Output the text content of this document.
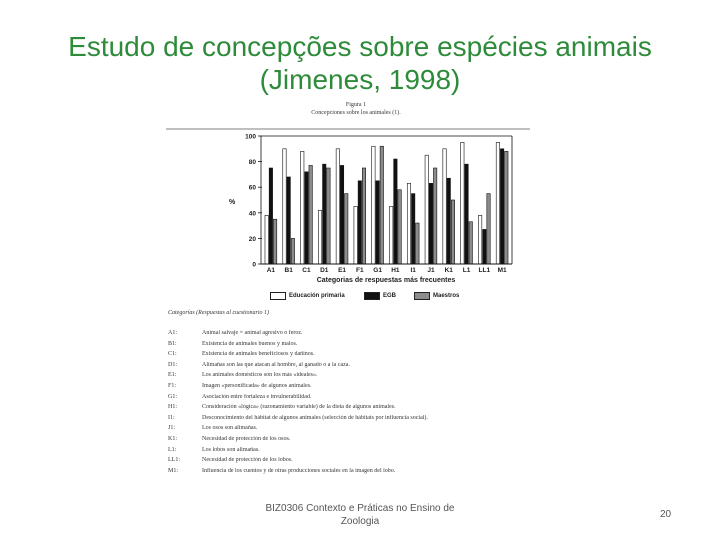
Estudo de concepções sobre espécies animais
(Jimenes, 1998)
Figura 1
Concepciones sobre los animales (1).
0
20
40
60
80
100
A1 B1 C1 D1 E1 F1 G1 H1 I1 J1 K1 L1 LL1 M1
%
Categorias de respuestas más frecuentes
Educación primaria	EGB	Maestros
Categorías (Respuestas al cuestionario 1)
A1:	Animal salvaje = animal agresivo o feroz.
B1:	Existencia de animales buenos y malos.
C1:	Existencia de animales beneficiosos y dañinos.
D1:	Alimañas son las que atacan al hombre, al ganado o a la caza.
E1:	Los animales domésticos son los más «ideales».
F1:	Imagen «personificada» de algunos animales.
G1:	Asociación entre fortaleza e invulnerabilidad.
H1:	Consideración «lógica» (razonamiento variable) de la dieta de algunos animales.
I1:	Desconocimiento del hábitat de algunos animales (selección de hábitats por influencia social).
J1:	Los osos son alimañas.
K1:	Necesidad de protección de los osos.
L1:	Los lobos son alimañas.
LL1:	Necesidad de protección de los lobos.
M1:	Influencia de los cuentos y de otras producciones sociales en la imagen del lobo.
BIZ0306 Contexto e Práticas no Ensino de Zoologia
20
